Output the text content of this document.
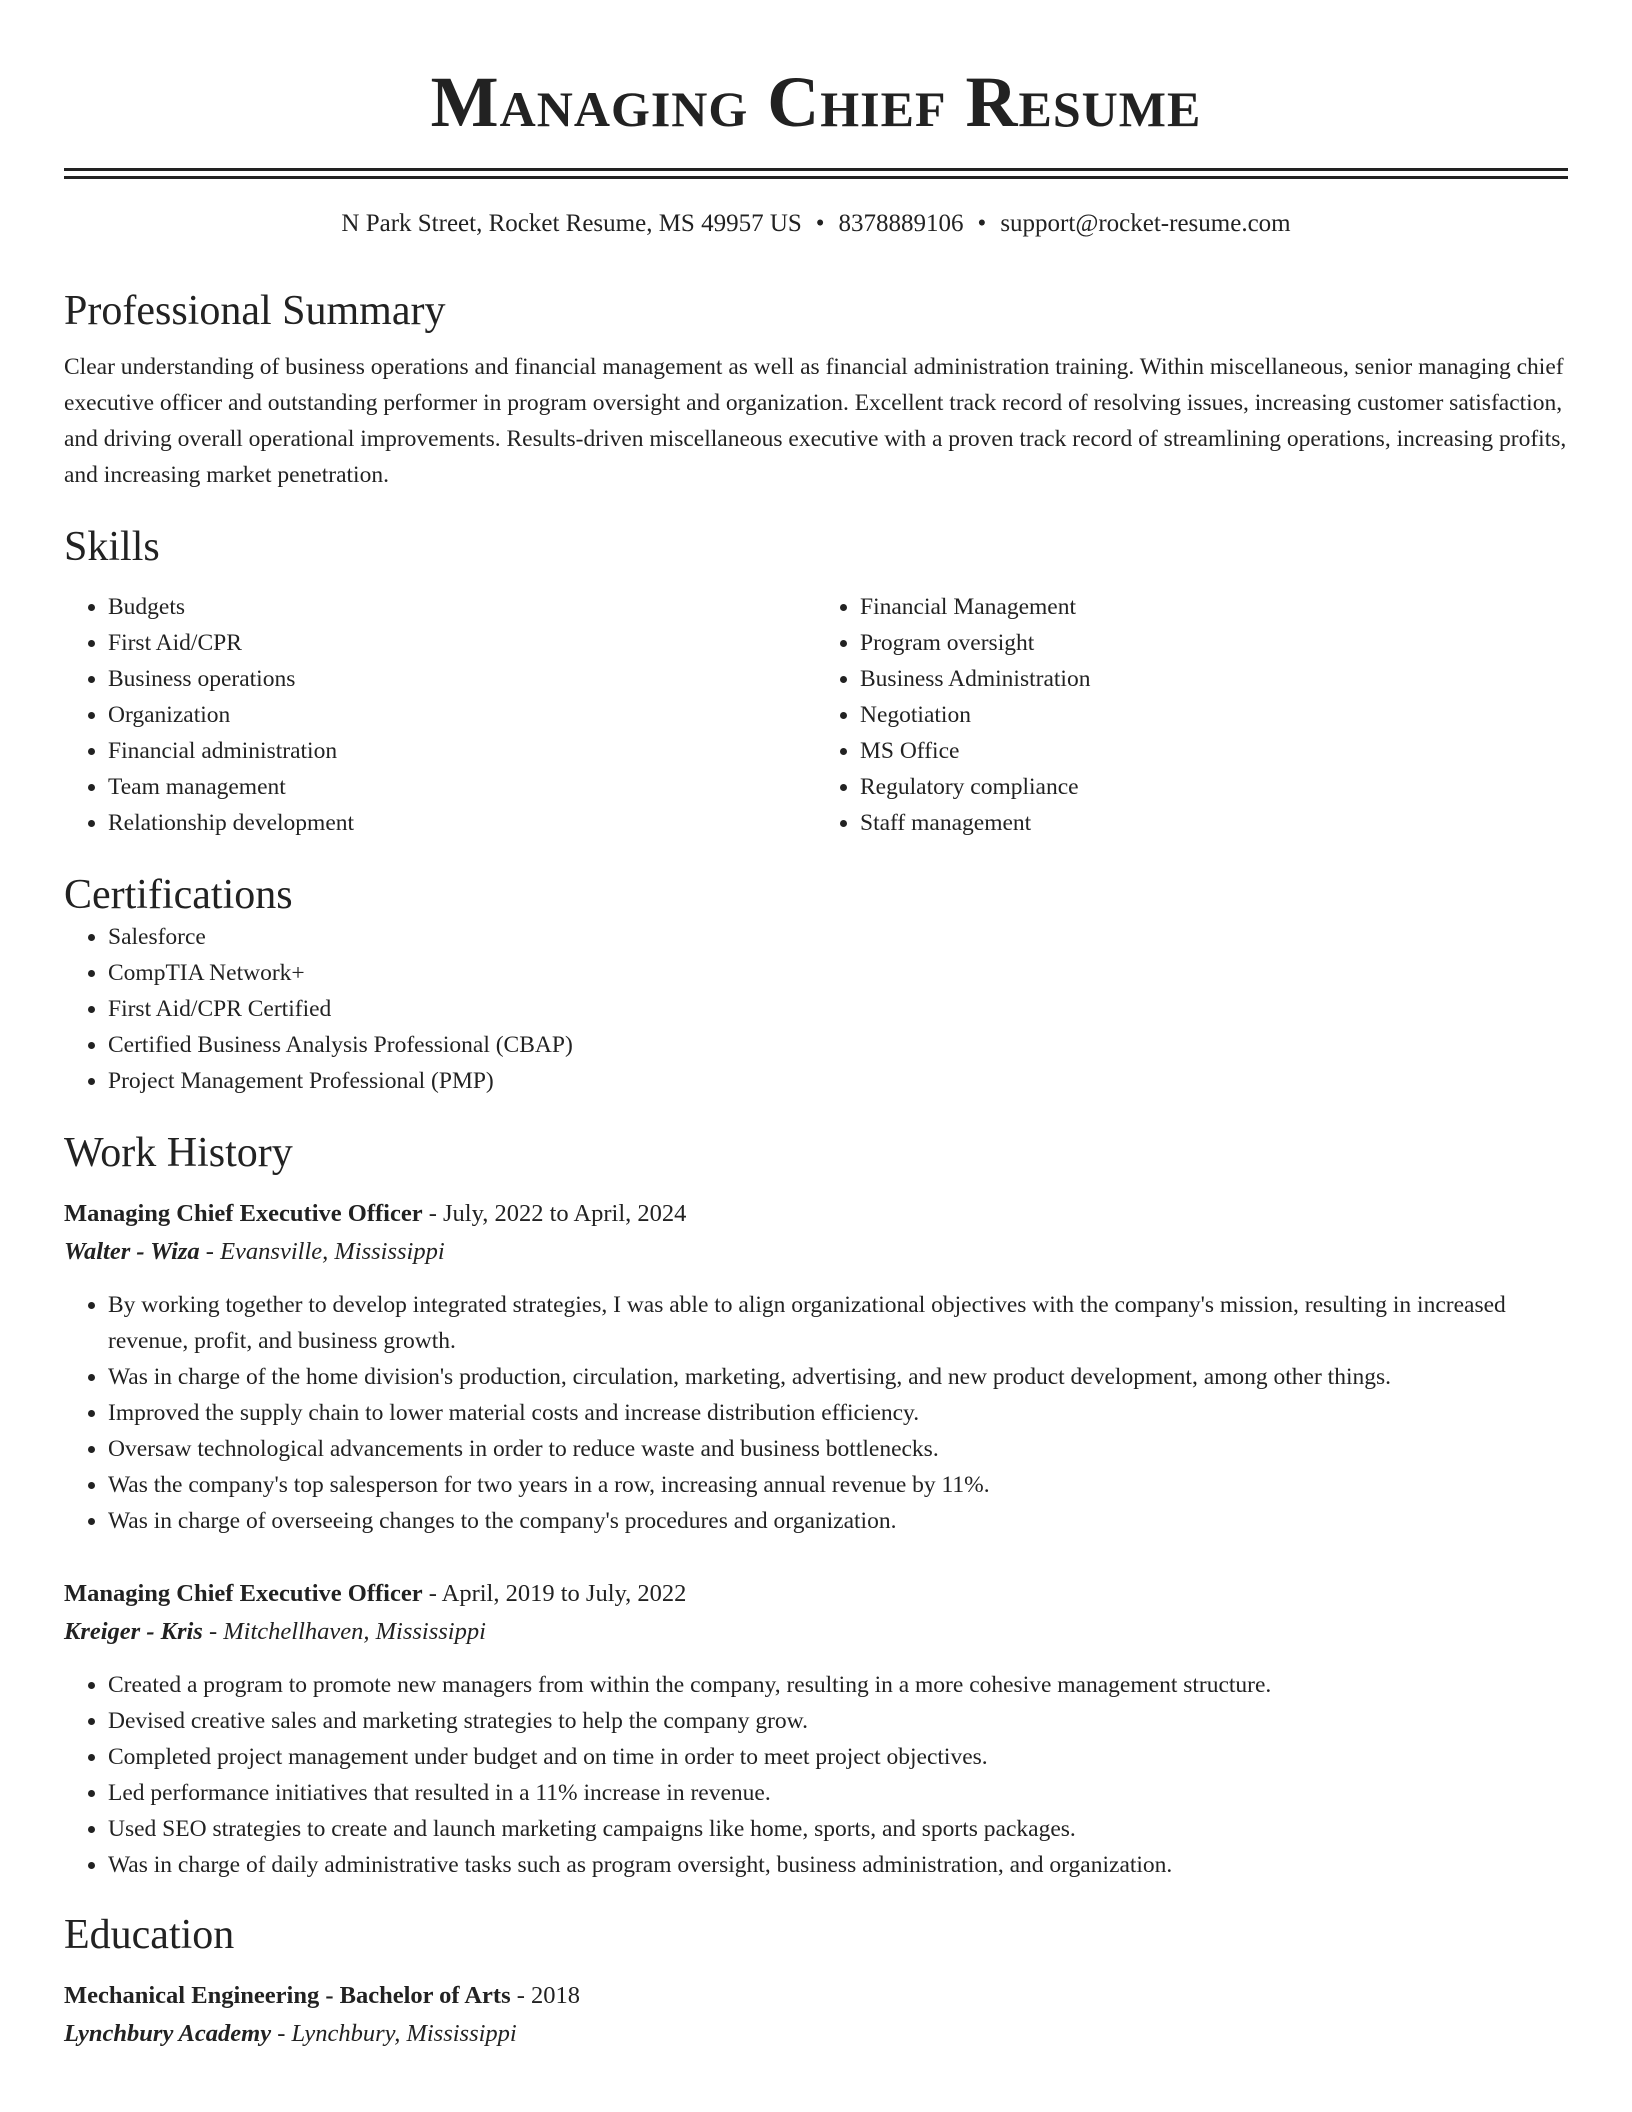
Managing Chief Resume
N Park Street, Rocket Resume, MS 49957 US • 8378889106 • support@rocket-resume.com
Professional Summary

Clear understanding of business operations and financial management as well as financial administration training. Within miscellaneous, senior managing chief executive officer and outstanding performer in program oversight and organization. Excellent track record of resolving issues, increasing customer satisfaction, and driving overall operational improvements. Results-driven miscellaneous executive with a proven track record of streamlining operations, increasing profits, and increasing market penetration.

Skills
• Budgets
• First Aid/CPR
• Business operations
• Organization
• Financial administration
• Team management
• Relationship development
• Financial Management
• Program oversight
• Business Administration
• Negotiation
• MS Office
• Regulatory compliance
• Staff management
Certifications
• Salesforce
• CompTIA Network+
• First Aid/CPR Certified
• Certified Business Analysis Professional (CBAP)
• Project Management Professional (PMP)
Work History
Managing Chief Executive Officer - July, 2022 to April, 2024
Walter - Wiza - Evansville, Mississippi
• By working together to develop integrated strategies, I was able to align organizational objectives with the company's mission, resulting in increased revenue, profit, and business growth.
• Was in charge of the home division's production, circulation, marketing, advertising, and new product development, among other things.
• Improved the supply chain to lower material costs and increase distribution efficiency.
• Oversaw technological advancements in order to reduce waste and business bottlenecks.
• Was the company's top salesperson for two years in a row, increasing annual revenue by 11%.
• Was in charge of overseeing changes to the company's procedures and organization.
Managing Chief Executive Officer - April, 2019 to July, 2022
Kreiger - Kris - Mitchellhaven, Mississippi
• Created a program to promote new managers from within the company, resulting in a more cohesive management structure.
• Devised creative sales and marketing strategies to help the company grow.
• Completed project management under budget and on time in order to meet project objectives.
• Led performance initiatives that resulted in a 11% increase in revenue.
• Used SEO strategies to create and launch marketing campaigns like home, sports, and sports packages.
• Was in charge of daily administrative tasks such as program oversight, business administration, and organization.
Education
Mechanical Engineering - Bachelor of Arts - 2018
Lynchbury Academy - Lynchbury, Mississippi
